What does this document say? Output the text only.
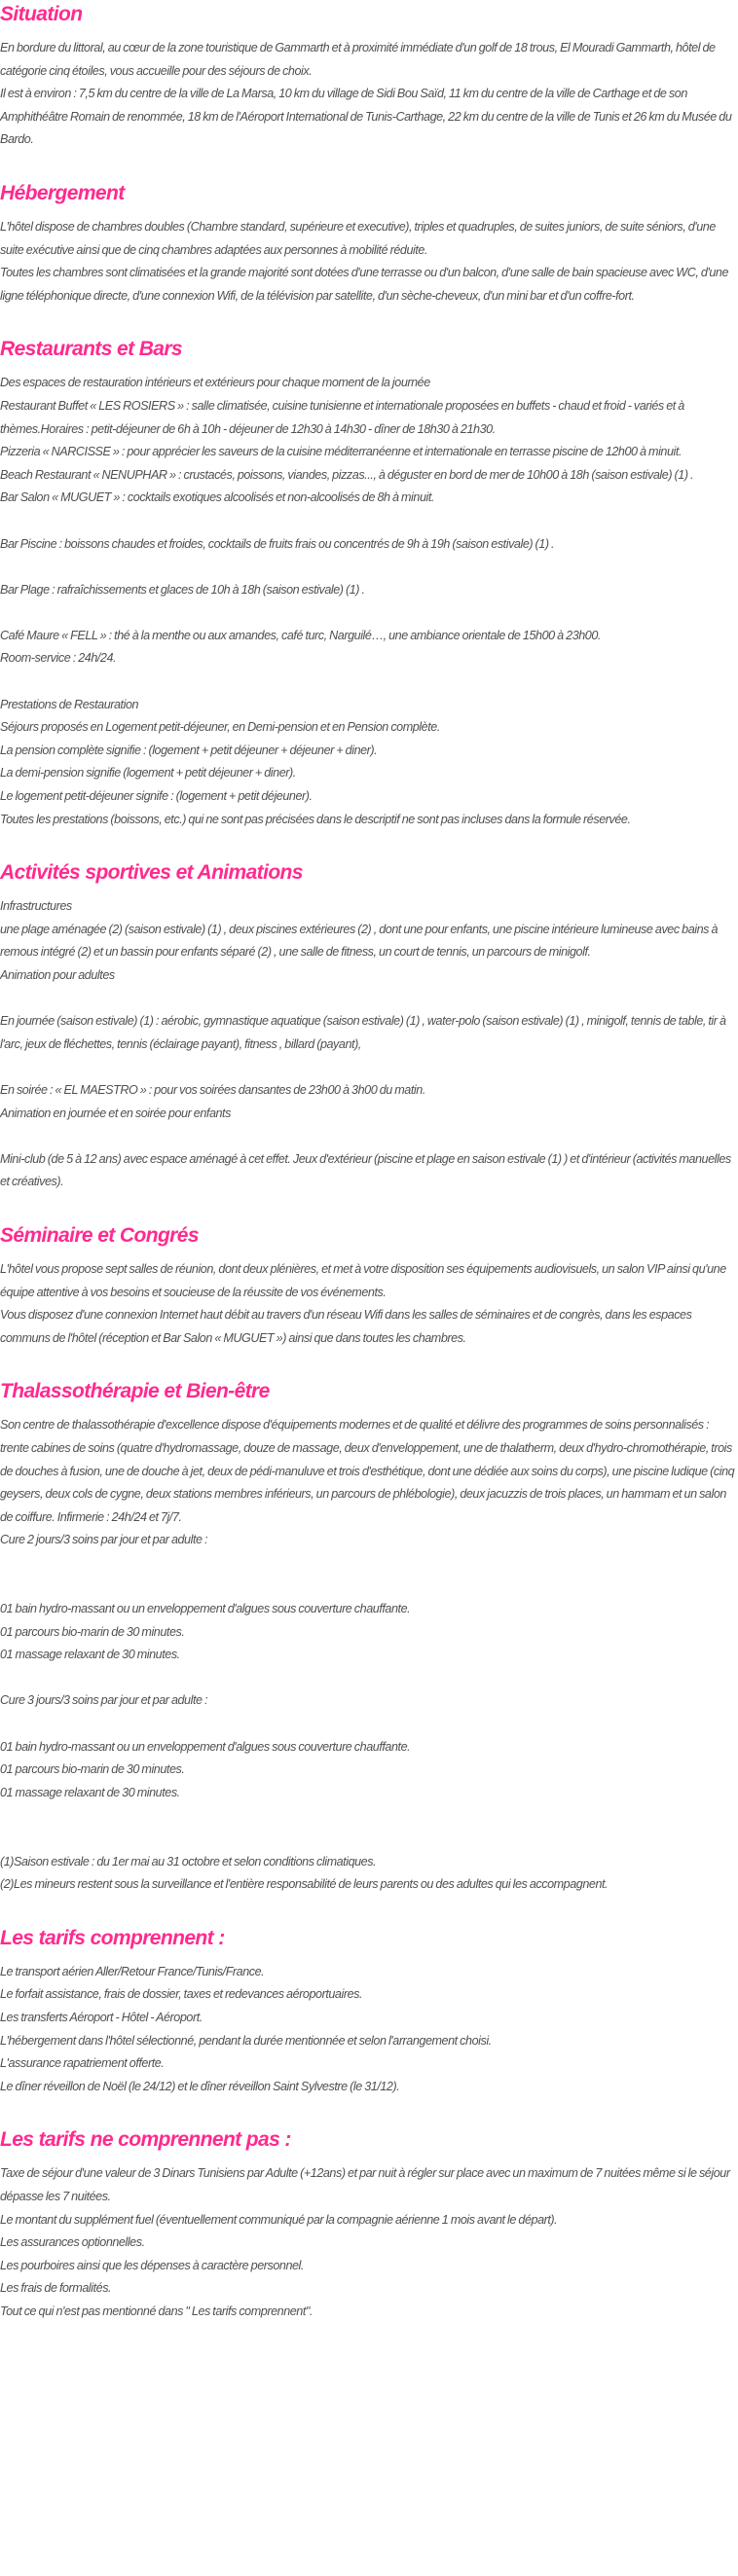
Situation

En bordure du littoral, au cœur de la zone touristique de Gammarth et à proximité immédiate d'un golf de 18 trous, El Mouradi Gammarth, hôtel de catégorie cinq étoiles, vous accueille pour des séjours de choix.

Il est à environ : 7,5 km du centre de la ville de La Marsa, 10 km du village de Sidi Bou Saïd, 11 km du centre de la ville de Carthage et de son Amphithéâtre Romain de renommée, 18 km de l'Aéroport International de Tunis-Carthage, 22 km du centre de la ville de Tunis et 26 km du Musée du Bardo.

Hébergement

L'hôtel dispose de chambres doubles (Chambre standard, supérieure et executive), triples et quadruples, de suites juniors, de suite séniors, d'une suite exécutive ainsi que de cinq chambres adaptées aux personnes à mobilité réduite.

Toutes les chambres sont climatisées et la grande majorité sont dotées d'une terrasse ou d'un balcon, d'une salle de bain spacieuse avec WC, d'une ligne téléphonique directe, d'une connexion Wifi, de la télévision par satellite, d'un sèche-cheveux, d'un mini bar et d'un coffre-fort.

Restaurants et Bars

Des espaces de restauration intérieurs et extérieurs pour chaque moment de la journée

Restaurant Buffet « LES ROSIERS » : salle climatisée, cuisine tunisienne et internationale proposées en buffets - chaud et froid - variés et à thèmes.Horaires : petit-déjeuner de 6h à 10h - déjeuner de 12h30 à 14h30 - dîner de 18h30 à 21h30.

Pizzeria « NARCISSE » : pour apprécier les saveurs de la cuisine méditerranéenne et internationale en terrasse piscine de 12h00 à minuit.

Beach Restaurant « NENUPHAR » : crustacés, poissons, viandes, pizzas..., à déguster en bord de mer de 10h00 à 18h (saison estivale) (1) .

Bar Salon « MUGUET » : cocktails exotiques alcoolisés et non-alcoolisés de 8h à minuit.

Bar Piscine : boissons chaudes et froides, cocktails de fruits frais ou concentrés de 9h à 19h (saison estivale) (1) .

Bar Plage : rafraîchissements et glaces de 10h à 18h (saison estivale) (1) .

Café Maure « FELL » : thé à la menthe ou aux amandes, café turc, Narguilé…, une ambiance orientale de 15h00 à 23h00.

Room-service : 24h/24.

Prestations de Restauration

Séjours proposés en Logement petit-déjeuner, en Demi-pension et en Pension complète.

La pension complète signifie : (logement + petit déjeuner + déjeuner + diner).

La demi-pension signifie (logement + petit déjeuner + diner).

Le logement petit-déjeuner signife : (logement + petit déjeuner).

Toutes les prestations (boissons, etc.) qui ne sont pas précisées dans le descriptif ne sont pas incluses dans la formule réservée.

Activités sportives et Animations

Infrastructures

une plage aménagée (2) (saison estivale) (1) , deux piscines extérieures (2) , dont une pour enfants, une piscine intérieure lumineuse avec bains à remous intégré (2) et un bassin pour enfants séparé (2) , une salle de fitness, un court de tennis, un parcours de minigolf.

Animation pour adultes

En journée (saison estivale) (1) : aérobic, gymnastique aquatique (saison estivale) (1) , water-polo (saison estivale) (1) , minigolf, tennis de table, tir à l'arc, jeux de fléchettes, tennis (éclairage payant), fitness , billard (payant),

En soirée : « EL MAESTRO » : pour vos soirées dansantes de 23h00 à 3h00 du matin.

Animation en journée et en soirée pour enfants

Mini-club (de 5 à 12 ans) avec espace aménagé à cet effet. Jeux d'extérieur (piscine et plage en saison estivale (1) ) et d'intérieur (activités manuelles et créatives).

Séminaire et Congrés

L'hôtel vous propose sept salles de réunion, dont deux plénières, et met à votre disposition ses équipements audiovisuels, un salon VIP ainsi qu'une équipe attentive à vos besoins et soucieuse de la réussite de vos événements.

Vous disposez d'une connexion Internet haut débit au travers d'un réseau Wifi dans les salles de séminaires et de congrès, dans les espaces communs de l'hôtel (réception et Bar Salon « MUGUET ») ainsi que dans toutes les chambres.

Thalassothérapie et Bien-être

Son centre de thalassothérapie d'excellence dispose d'équipements modernes et de qualité et délivre des programmes de soins personnalisés : trente cabines de soins (quatre d'hydromassage, douze de massage, deux d'enveloppement, une de thalatherm, deux d'hydro-chromothérapie, trois de douches à fusion, une de douche à jet, deux de pédi-manuluve et trois d'esthétique, dont une dédiée aux soins du corps), une piscine ludique (cinq geysers, deux cols de cygne, deux stations membres inférieurs, un parcours de phlébologie), deux jacuzzis de trois places, un hammam et un salon de coiffure. Infirmerie : 24h/24 et 7j/7.

Cure 2 jours/3 soins par jour et par adulte :

01 bain hydro-massant ou un enveloppement d'algues sous couverture chauffante.

01 parcours bio-marin de 30 minutes.

01 massage relaxant de 30 minutes.

Cure 3 jours/3 soins par jour et par adulte :

01 bain hydro-massant ou un enveloppement d'algues sous couverture chauffante.

01 parcours bio-marin de 30 minutes.

01 massage relaxant de 30 minutes.

(1)Saison estivale : du 1er mai au 31 octobre et selon conditions climatiques.

(2)Les mineurs restent sous la surveillance et l'entière responsabilité de leurs parents ou des adultes qui les accompagnent.

Les tarifs comprennent :

Le transport aérien Aller/Retour France/Tunis/France.

Le forfait assistance, frais de dossier, taxes et redevances aéroportuaires.

Les transferts Aéroport - Hôtel - Aéroport.

L'hébergement dans l'hôtel sélectionné, pendant la durée mentionnée et selon l'arrangement choisi.

L'assurance rapatriement offerte.

Le dîner réveillon de Noël (le 24/12) et le dîner réveillon Saint Sylvestre (le 31/12).

Les tarifs ne comprennent pas :

Taxe de séjour d'une valeur de 3 Dinars Tunisiens par Adulte (+12ans) et par nuit à régler sur place avec un maximum de 7 nuitées même si le séjour dépasse les 7 nuitées.

Le montant du supplément fuel (éventuellement communiqué par la compagnie aérienne 1 mois avant le départ).

Les assurances optionnelles.

Les pourboires ainsi que les dépenses à caractère personnel.

Les frais de formalités.

Tout ce qui n'est pas mentionné dans " Les tarifs comprennent".
